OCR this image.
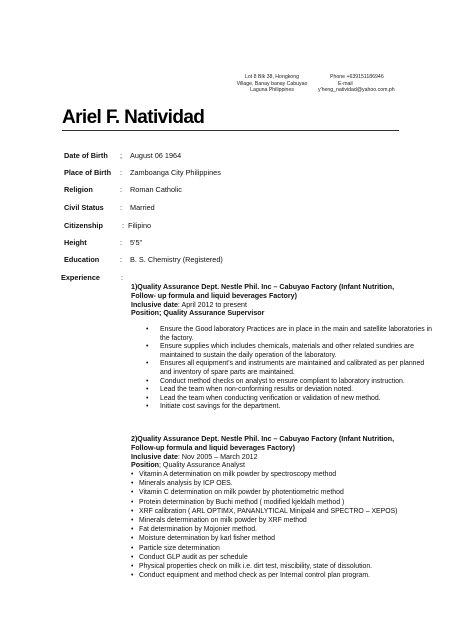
Lot 8 Blk 38, Hongkong
Village, Banay banay Cabuyao
Laguna Philippines
Phone +639151186946
E-mail
y'heng_natividad@yahoo.com.ph
Ariel F. Natividad
Date of Birth ; August 06 1964
Place of Birth : Zamboanga City Philippines
Religion	: Roman Catholic
Civil Status : Married
Citizenship	: Filipino
Height	: 5'5"
Education	: B. S. Chemistry (Registered)
Experience	:
1)Quality Assurance Dept. Nestle Phil. Inc – Cabuyao Factory (Infant Nutrition,
Follow- up formula and liquid beverages Factory)
Inclusive date: April 2012 to present
Position; Quality Assurance Supervisor
• Ensure the Good laboratory Practices are in place in the main and satellite laboratories in the factory.
• Ensure supplies which includes chemicals, materials and other related sundries are maintained to sustain the daily operation of the laboratory.
• Ensures all equipment’s and instruments are maintained and calibrated as per planned and inventory of spare parts are maintained.
• Conduct method checks on analyst to ensure compliant to laboratory instruction.
• Lead the team when non-conforming results or deviation noted.
• Lead the team when conducting verification or validation of new method.
• Initiate cost savings for the department.
2)Quality Assurance Dept. Nestle Phil. Inc – Cabuyao Factory (Infant Nutrition,
Follow-up formula and liquid beverages Factory)
Inclusive date: Nov 2005 – March 2012
Position; Quality Assurance Analyst
• Vitamin A determination on milk powder by spectroscopy method
• Minerals analysis by ICP OES.
• Vitamin C determination on milk powder by photentiometric method
• Protein determination by Buchi method ( modified kjeldalh method )
• XRF calibration ( ARL OPTIMX, PANANLYTICAL Minipal4 and SPECTRO – XEPOS)
• Minerals determination on milk powder by XRF method
• Fat determination by Mojonier method.
• Moisture determination by karl fisher method
• Particle size determination
• Conduct GLP audit as per schedule
• Physical properties check on milk i.e. dirt test, miscibility, state of dissolution.
• Conduct equipment and method check as per Internal control plan program.
